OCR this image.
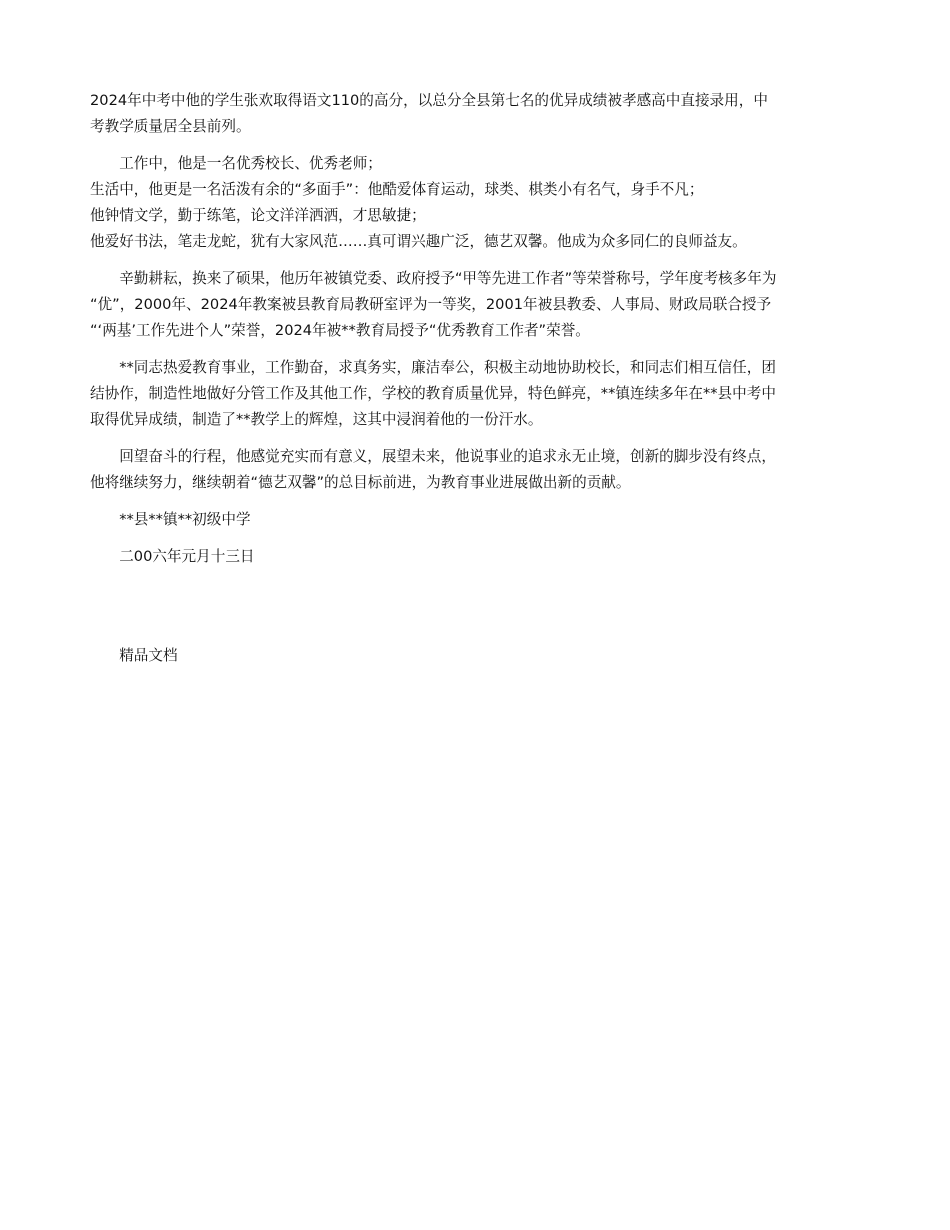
2024年中考中他的学生张欢取得语文110的高分，以总分全县第七名的优异成绩被孝感高中直接录用，中
考教学质量居全县前列。
工作中，他是一名优秀校长、优秀老师；
生活中，他更是一名活泼有余的“多面手”：他酷爱体育运动，球类、棋类小有名气，身手不凡；
他钟情文学，勤于练笔，论文洋洋洒洒，才思敏捷；
他爱好书法，笔走龙蛇，犹有大家风范……真可谓兴趣广泛，德艺双馨。他成为众多同仁的良师益友。
辛勤耕耘，换来了硕果，他历年被镇党委、政府授予“甲等先进工作者”等荣誉称号，学年度考核多年为
“优”，2000年、2024年教案被县教育局教研室评为一等奖，2001年被县教委、人事局、财政局联合授予
“‘两基’工作先进个人”荣誉，2024年被**教育局授予“优秀教育工作者”荣誉。
**同志热爱教育事业，工作勤奋，求真务实，廉洁奉公，积极主动地协助校长，和同志们相互信任，团
结协作，制造性地做好分管工作及其他工作，学校的教育质量优异，特色鲜亮，**镇连续多年在**县中考中
取得优异成绩，制造了**教学上的辉煌，这其中浸润着他的一份汗水。
回望奋斗的行程，他感觉充实而有意义，展望未来，他说事业的追求永无止境，创新的脚步没有终点，
他将继续努力，继续朝着“德艺双馨”的总目标前进，为教育事业进展做出新的贡献。
**县**镇**初级中学
二00六年元月十三日
精品文档
